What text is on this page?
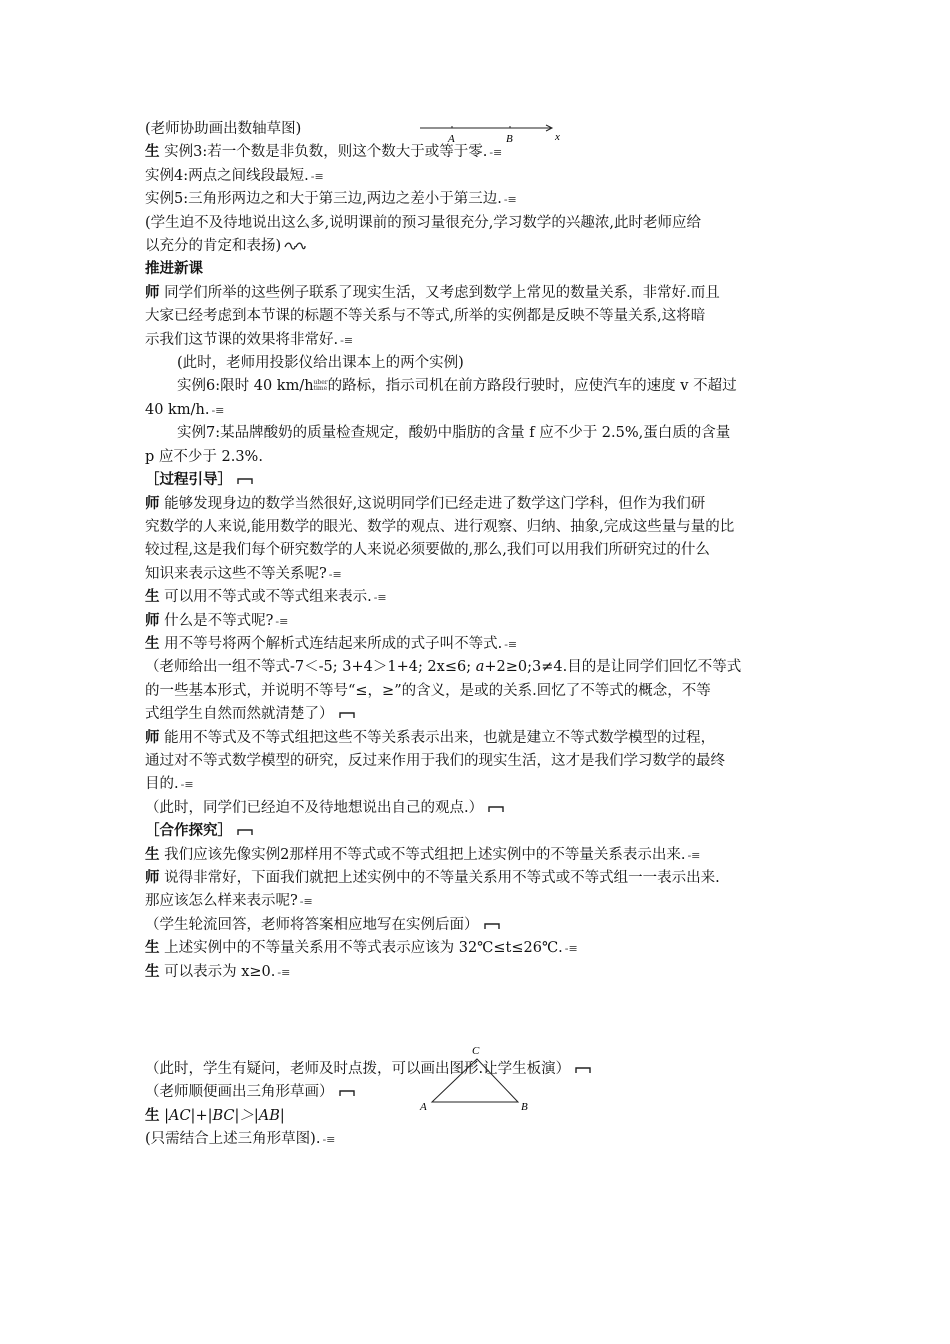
A	B	x
C
A	B
(老师协助画出数轴草图)
生 实例3:若一个数是非负数，则这个数大于或等于零. -≡
实例4:两点之间线段最短. -≡
实例5:三角形两边之和大于第三边,两边之差小于第三边. -≡
(学生迫不及待地说出这么多,说明课前的预习量很充分,学习数学的兴趣浓,此时老师应给
以充分的肯定和表扬)
推进新课
师 同学们所举的这些例子联系了现实生活，又考虑到数学上常见的数量关系，非常好.而且
大家已经考虑到本节课的标题不等关系与不等式,所举的实例都是反映不等量关系,这将暗
示我们这节课的效果将非常好. -≡
(此时，老师用投影仪给出课本上的两个实例)
实例6:限时 40 km/huber
time的路标，指示司机在前方路段行驶时，应使汽车的速度 v 不超过
40 km/h. -≡
实例7:某品牌酸奶的质量检查规定，酸奶中脂肪的含量 f 应不少于 2.5%,蛋白质的含量
p 应不少于 2.3%.
［过程引导］
师 能够发现身边的数学当然很好,这说明同学们已经走进了数学这门学科，但作为我们研
究数学的人来说,能用数学的眼光、数学的观点、进行观察、归纳、抽象,完成这些量与量的比
较过程,这是我们每个研究数学的人来说必须要做的,那么,我们可以用我们所研究过的什么
知识来表示这些不等关系呢? -≡
生 可以用不等式或不等式组来表示. -≡
师 什么是不等式呢? -≡
生 用不等号将两个解析式连结起来所成的式子叫不等式. -≡
（老师给出一组不等式-7＜-5; 3+4＞1+4; 2x≤6; a+2≥0;3≠4.目的是让同学们回忆不等式
的一些基本形式，并说明不等号“≤，≥”的含义，是或的关系.回忆了不等式的概念，不等
式组学生自然而然就清楚了）
师 能用不等式及不等式组把这些不等关系表示出来，也就是建立不等式数学模型的过程，
通过对不等式数学模型的研究，反过来作用于我们的现实生活，这才是我们学习数学的最终
目的. -≡
（此时，同学们已经迫不及待地想说出自己的观点.）
［合作探究］
生 我们应该先像实例2那样用不等式或不等式组把上述实例中的不等量关系表示出来. -≡
师 说得非常好，下面我们就把上述实例中的不等量关系用不等式或不等式组一一表示出来.
那应该怎么样来表示呢? -≡
（学生轮流回答，老师将答案相应地写在实例后面）
生 上述实例中的不等量关系用不等式表示应该为 32℃≤t≤26℃. -≡
生 可以表示为 x≥0. -≡
（此时，学生有疑问，老师及时点拨，可以画出图形.让学生板演）
（老师顺便画出三角形草画）
生 |AC|+|BC|＞|AB|
(只需结合上述三角形草图). -≡
